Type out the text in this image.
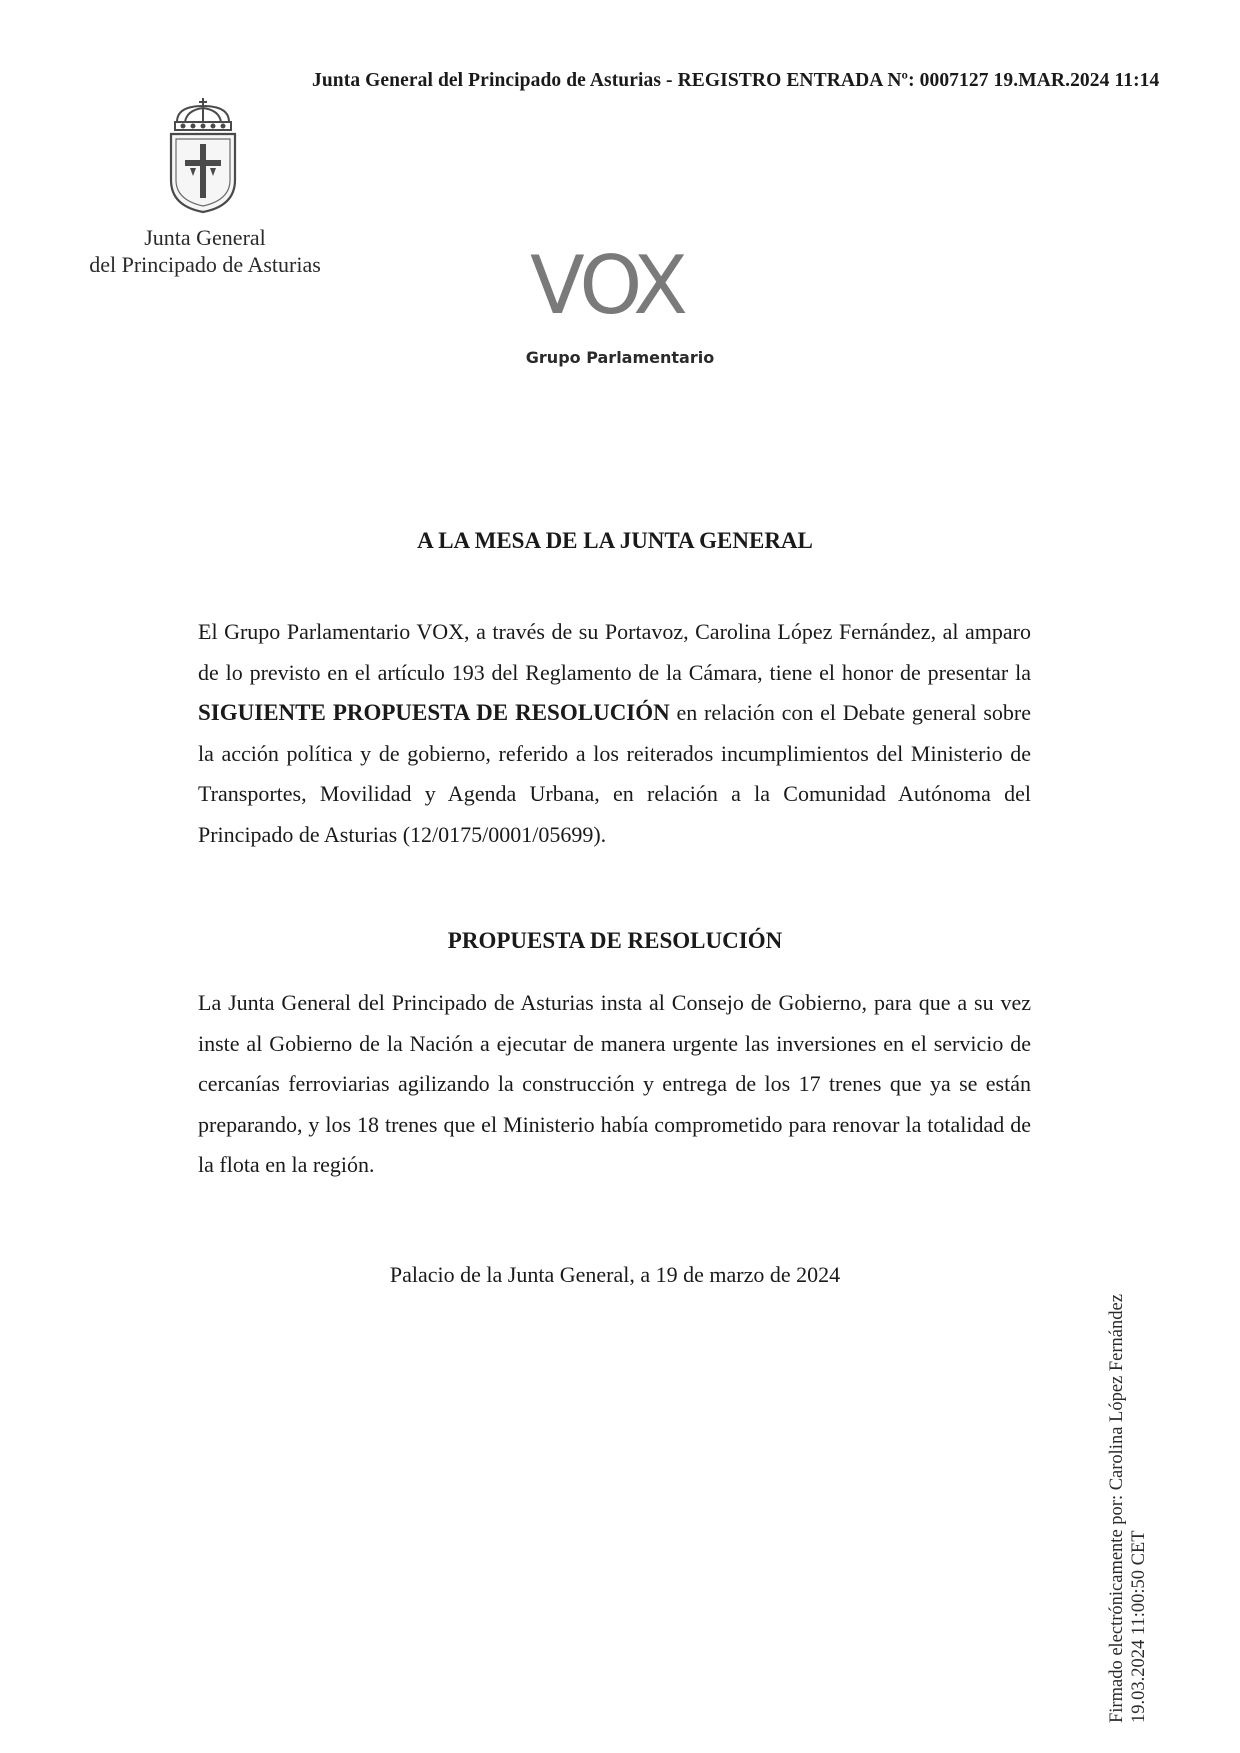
Junta General del Principado de Asturias - REGISTRO ENTRADA Nº: 0007127 19.MAR.2024 11:14
Junta General
del Principado de Asturias	VOX
Grupo Parlamentario
A LA MESA DE LA JUNTA GENERAL
El Grupo Parlamentario VOX, a través de su Portavoz, Carolina López Fernández, al amparo de lo previsto en el artículo 193 del Reglamento de la Cámara, tiene el honor de presentar la SIGUIENTE PROPUESTA DE RESOLUCIÓN en relación con el Debate general sobre la acción política y de gobierno, referido a los reiterados incumplimientos del Ministerio de Transportes, Movilidad y Agenda Urbana, en relación a la Comunidad Autónoma del Principado de Asturias (12/0175/0001/05699).
PROPUESTA DE RESOLUCIÓN
La Junta General del Principado de Asturias insta al Consejo de Gobierno, para que a su vez inste al Gobierno de la Nación a ejecutar de manera urgente las inversiones en el servicio de cercanías ferroviarias agilizando la construcción y entrega de los 17 trenes que ya se están preparando, y los 18 trenes que el Ministerio había comprometido para renovar la totalidad de la flota en la región.
Palacio de la Junta General, a 19 de marzo de 2024
Firmado electrónicamente por: Carolina López Fernández 19.03.2024 11:00:50 CET
